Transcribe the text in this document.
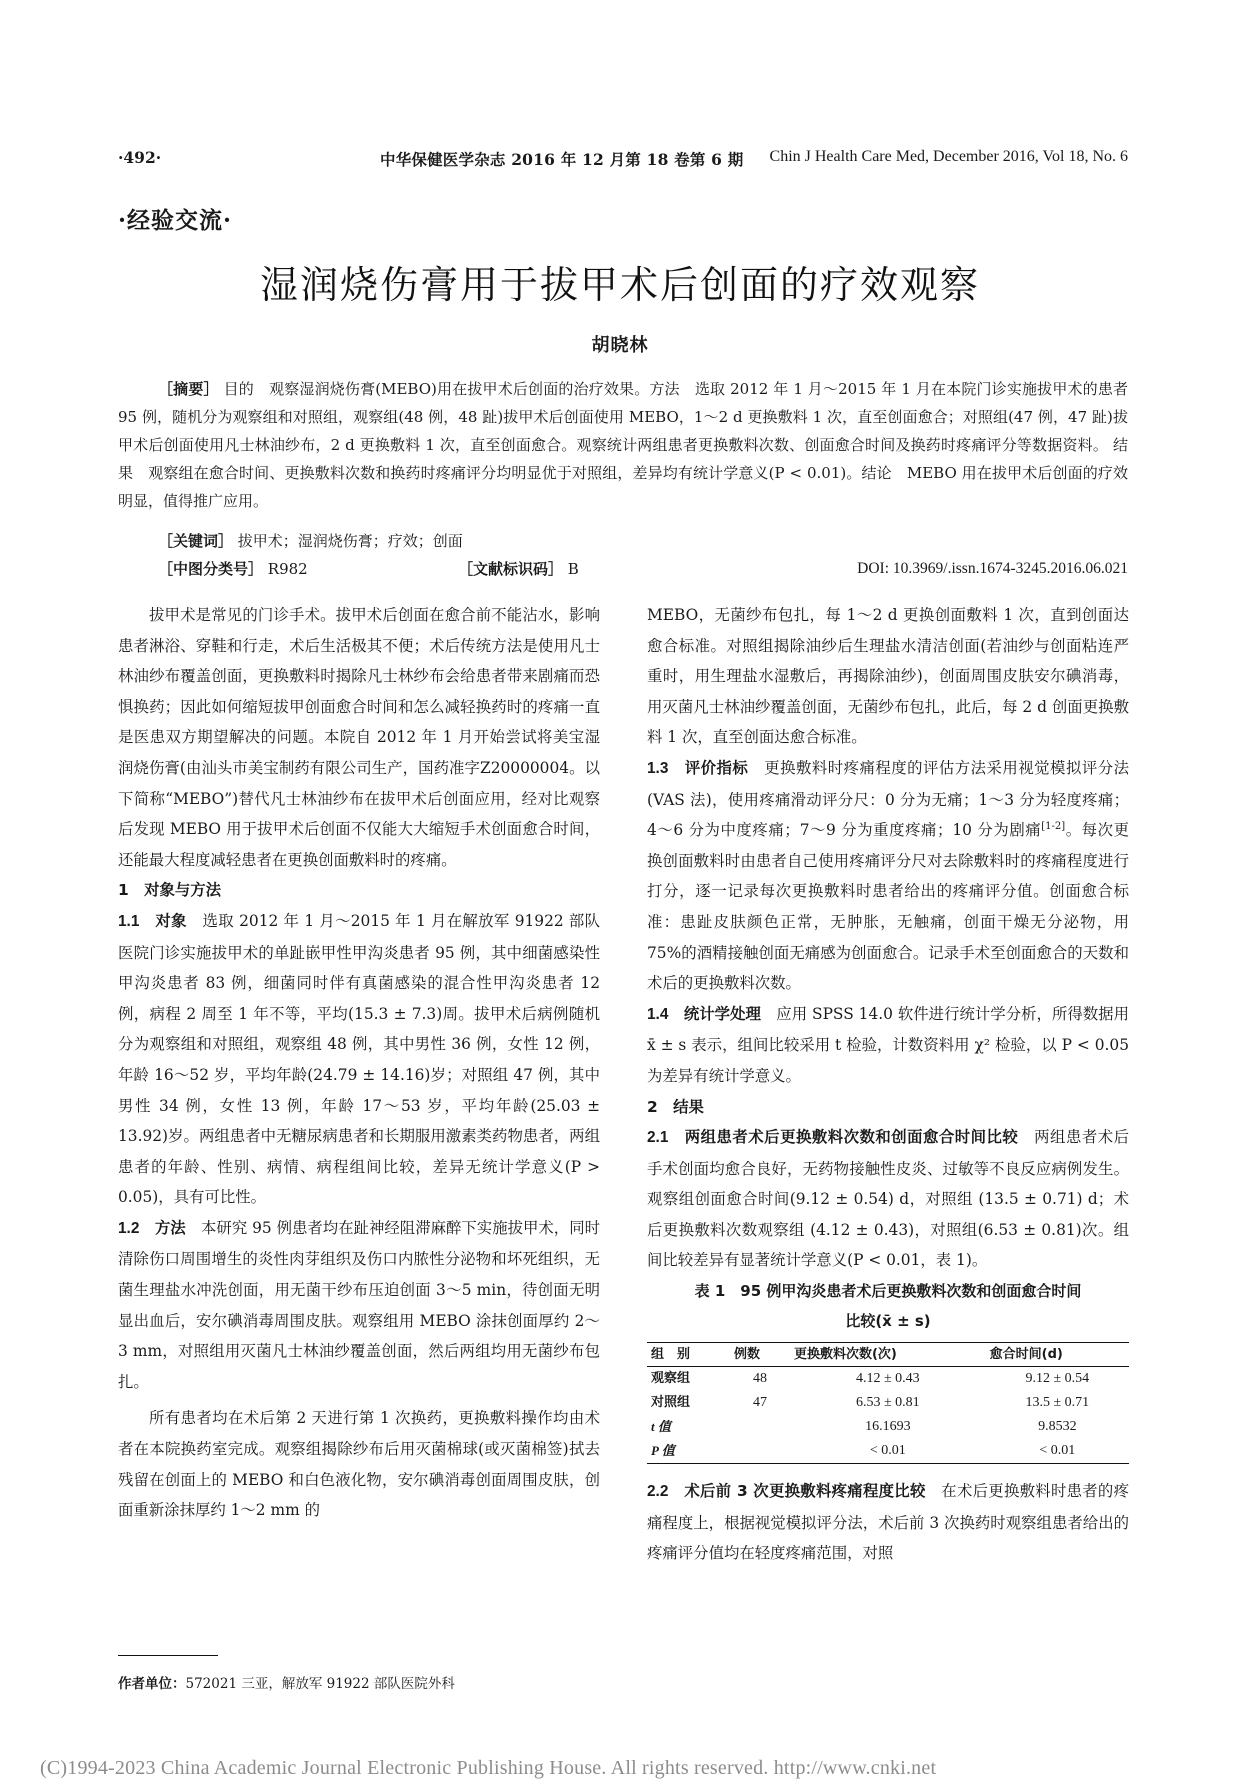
·492·	中华保健医学杂志 2016 年 12 月第 18 卷第 6 期 Chin J Health Care Med, December 2016, Vol 18, No. 6
·经验交流·
湿润烧伤膏用于拔甲术后创面的疗效观察
胡晓林
［摘要］ 目的　观察湿润烧伤膏(MEBO)用在拔甲术后创面的治疗效果。方法　选取 2012 年 1 月～2015 年 1 月在本院门诊实施拔甲术的患者 95 例，随机分为观察组和对照组，观察组(48 例，48 趾)拔甲术后创面使用 MEBO，1～2 d 更换敷料 1 次，直至创面愈合；对照组(47 例，47 趾)拔甲术后创面使用凡士林油纱布，2 d 更换敷料 1 次，直至创面愈合。观察统计两组患者更换敷料次数、创面愈合时间及换药时疼痛评分等数据资料。 结果　观察组在愈合时间、更换敷料次数和换药时疼痛评分均明显优于对照组，差异均有统计学意义(P < 0.01)。结论　MEBO 用在拔甲术后创面的疗效明显，值得推广应用。
［关键词］ 拔甲术；湿润烧伤膏；疗效；创面
［中图分类号］ R982	［文献标识码］ B	DOI: 10.3969/.issn.1674-3245.2016.06.021

拔甲术是常见的门诊手术。拔甲术后创面在愈合前不能沾水，影响患者淋浴、穿鞋和行走，术后生活极其不便；术后传统方法是使用凡士林油纱布覆盖创面，更换敷料时揭除凡士林纱布会给患者带来剧痛而恐惧换药；因此如何缩短拔甲创面愈合时间和怎么减轻换药时的疼痛一直是医患双方期望解决的问题。本院自 2012 年 1 月开始尝试将美宝湿润烧伤膏(由汕头市美宝制药有限公司生产，国药准字Z20000004。以下简称“MEBO”)替代凡士林油纱布在拔甲术后创面应用，经对比观察后发现 MEBO 用于拔甲术后创面不仅能大大缩短手术创面愈合时间，还能最大程度减轻患者在更换创面敷料时的疼痛。

1　对象与方法

1.1　对象　选取 2012 年 1 月～2015 年 1 月在解放军 91922 部队医院门诊实施拔甲术的单趾嵌甲性甲沟炎患者 95 例，其中细菌感染性甲沟炎患者 83 例，细菌同时伴有真菌感染的混合性甲沟炎患者 12 例，病程 2 周至 1 年不等，平均(15.3 ± 7.3)周。拔甲术后病例随机分为观察组和对照组，观察组 48 例，其中男性 36 例，女性 12 例，年龄 16～52 岁，平均年龄(24.79 ± 14.16)岁；对照组 47 例，其中男性 34 例，女性 13 例，年龄 17～53 岁，平均年龄(25.03 ± 13.92)岁。两组患者中无糖尿病患者和长期服用激素类药物患者，两组患者的年龄、性别、病情、病程组间比较，差异无统计学意义(P > 0.05)，具有可比性。

1.2　方法　本研究 95 例患者均在趾神经阻滞麻醉下实施拔甲术，同时清除伤口周围增生的炎性肉芽组织及伤口内脓性分泌物和坏死组织，无菌生理盐水冲洗创面，用无菌干纱布压迫创面 3～5 min，待创面无明显出血后，安尔碘消毒周围皮肤。观察组用 MEBO 涂抹创面厚约 2～3 mm，对照组用灭菌凡士林油纱覆盖创面，然后两组均用无菌纱布包扎。

所有患者均在术后第 2 天进行第 1 次换药，更换敷料操作均由术者在本院换药室完成。观察组揭除纱布后用灭菌棉球(或灭菌棉签)拭去残留在创面上的 MEBO 和白色液化物，安尔碘消毒创面周围皮肤，创面重新涂抹厚约 1～2 mm 的

MEBO，无菌纱布包扎，每 1～2 d 更换创面敷料 1 次，直到创面达愈合标准。对照组揭除油纱后生理盐水清洁创面(若油纱与创面粘连严重时，用生理盐水湿敷后，再揭除油纱)，创面周围皮肤安尔碘消毒，用灭菌凡士林油纱覆盖创面，无菌纱布包扎，此后，每 2 d 创面更换敷料 1 次，直至创面达愈合标准。

1.3　评价指标　更换敷料时疼痛程度的评估方法采用视觉模拟评分法(VAS 法)，使用疼痛滑动评分尺：0 分为无痛；1～3 分为轻度疼痛；4～6 分为中度疼痛；7～9 分为重度疼痛；10 分为剧痛[1-2]。每次更换创面敷料时由患者自己使用疼痛评分尺对去除敷料时的疼痛程度进行打分，逐一记录每次更换敷料时患者给出的疼痛评分值。创面愈合标准：患趾皮肤颜色正常，无肿胀，无触痛，创面干燥无分泌物，用 75%的酒精接触创面无痛感为创面愈合。记录手术至创面愈合的天数和术后的更换敷料次数。

1.4　统计学处理　应用 SPSS 14.0 软件进行统计学分析，所得数据用 x̄ ± s 表示，组间比较采用 t 检验，计数资料用 χ² 检验，以 P < 0.05 为差异有统计学意义。

2　结果

2.1　两组患者术后更换敷料次数和创面愈合时间比较　两组患者术后手术创面均愈合良好，无药物接触性皮炎、过敏等不良反应病例发生。观察组创面愈合时间(9.12 ± 0.54) d，对照组 (13.5 ± 0.71) d；术后更换敷料次数观察组 (4.12 ± 0.43)，对照组(6.53 ± 0.81)次。组间比较差异有显著统计学意义(P < 0.01，表 1)。

表 1　95 例甲沟炎患者术后更换敷料次数和创面愈合时间
比较(x̄ ± s)
组　别	例数	更换敷料次数(次)	愈合时间(d)
观察组	48	4.12 ± 0.43	9.12 ± 0.54
对照组	47	6.53 ± 0.81	13.5 ± 0.71
t 值		16.1693	9.8532
P 值		< 0.01	< 0.01

2.2　术后前 3 次更换敷料疼痛程度比较　在术后更换敷料时患者的疼痛程度上，根据视觉模拟评分法，术后前 3 次换药时观察组患者给出的疼痛评分值均在轻度疼痛范围，对照

作者单位：572021 三亚，解放军 91922 部队医院外科
(C)1994-2023 China Academic Journal Electronic Publishing House. All rights reserved. http://www.cnki.net
